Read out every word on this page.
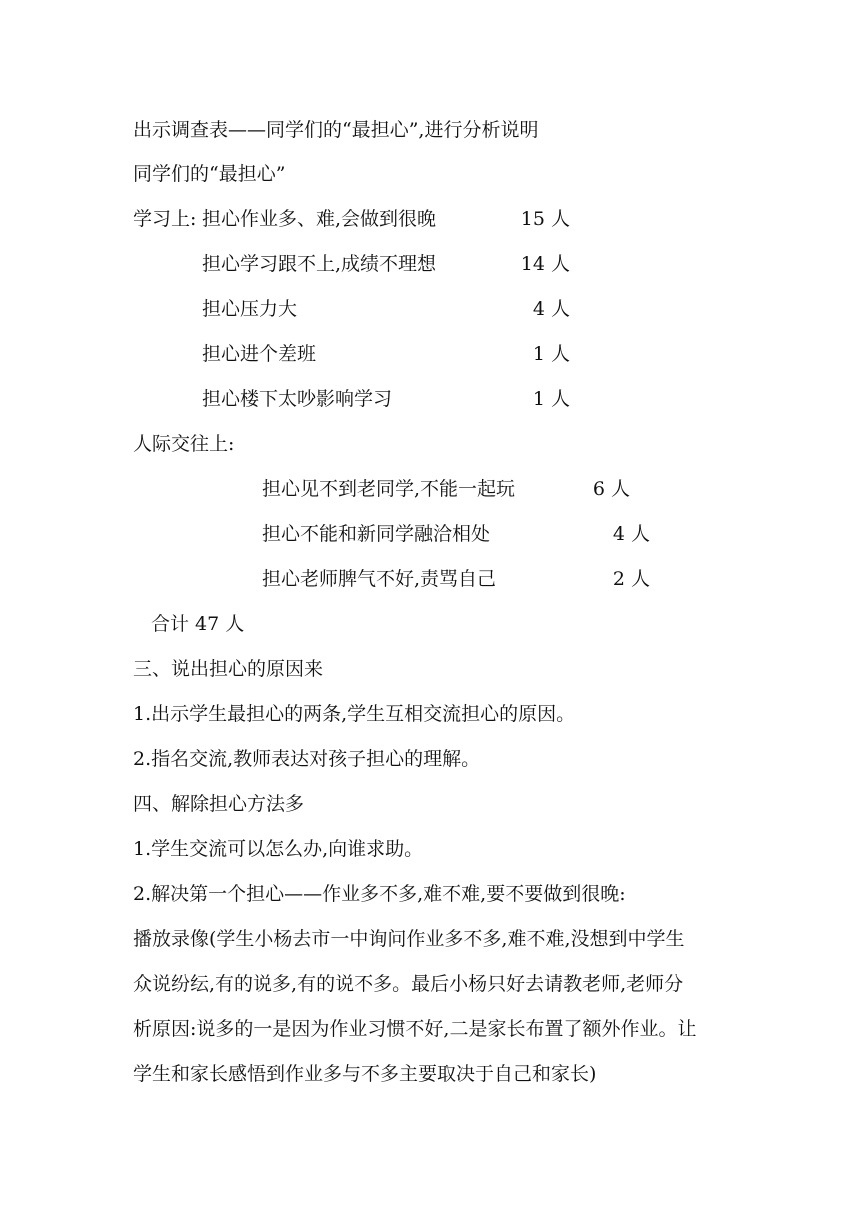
出示调查表——同学们的“最担心”,进行分析说明
同学们的“最担心”
学习上: 担心作业多、难,会做到很晚	15 人
担心学习跟不上,成绩不理想	14 人
担心压力大	4 人
担心进个差班	1 人
担心楼下太吵影响学习	1 人
人际交往上:
担心见不到老同学,不能一起玩	6 人
担心不能和新同学融洽相处	4 人
担心老师脾气不好,责骂自己	2 人
合计 47 人
三、说出担心的原因来
1.出示学生最担心的两条,学生互相交流担心的原因。
2.指名交流,教师表达对孩子担心的理解。
四、解除担心方法多
1.学生交流可以怎么办,向谁求助。
2.解决第一个担心——作业多不多,难不难,要不要做到很晚:
播放录像(学生小杨去市一中询问作业多不多,难不难,没想到中学生
众说纷纭,有的说多,有的说不多。最后小杨只好去请教老师,老师分
析原因:说多的一是因为作业习惯不好,二是家长布置了额外作业。让
学生和家长感悟到作业多与不多主要取决于自己和家长)
